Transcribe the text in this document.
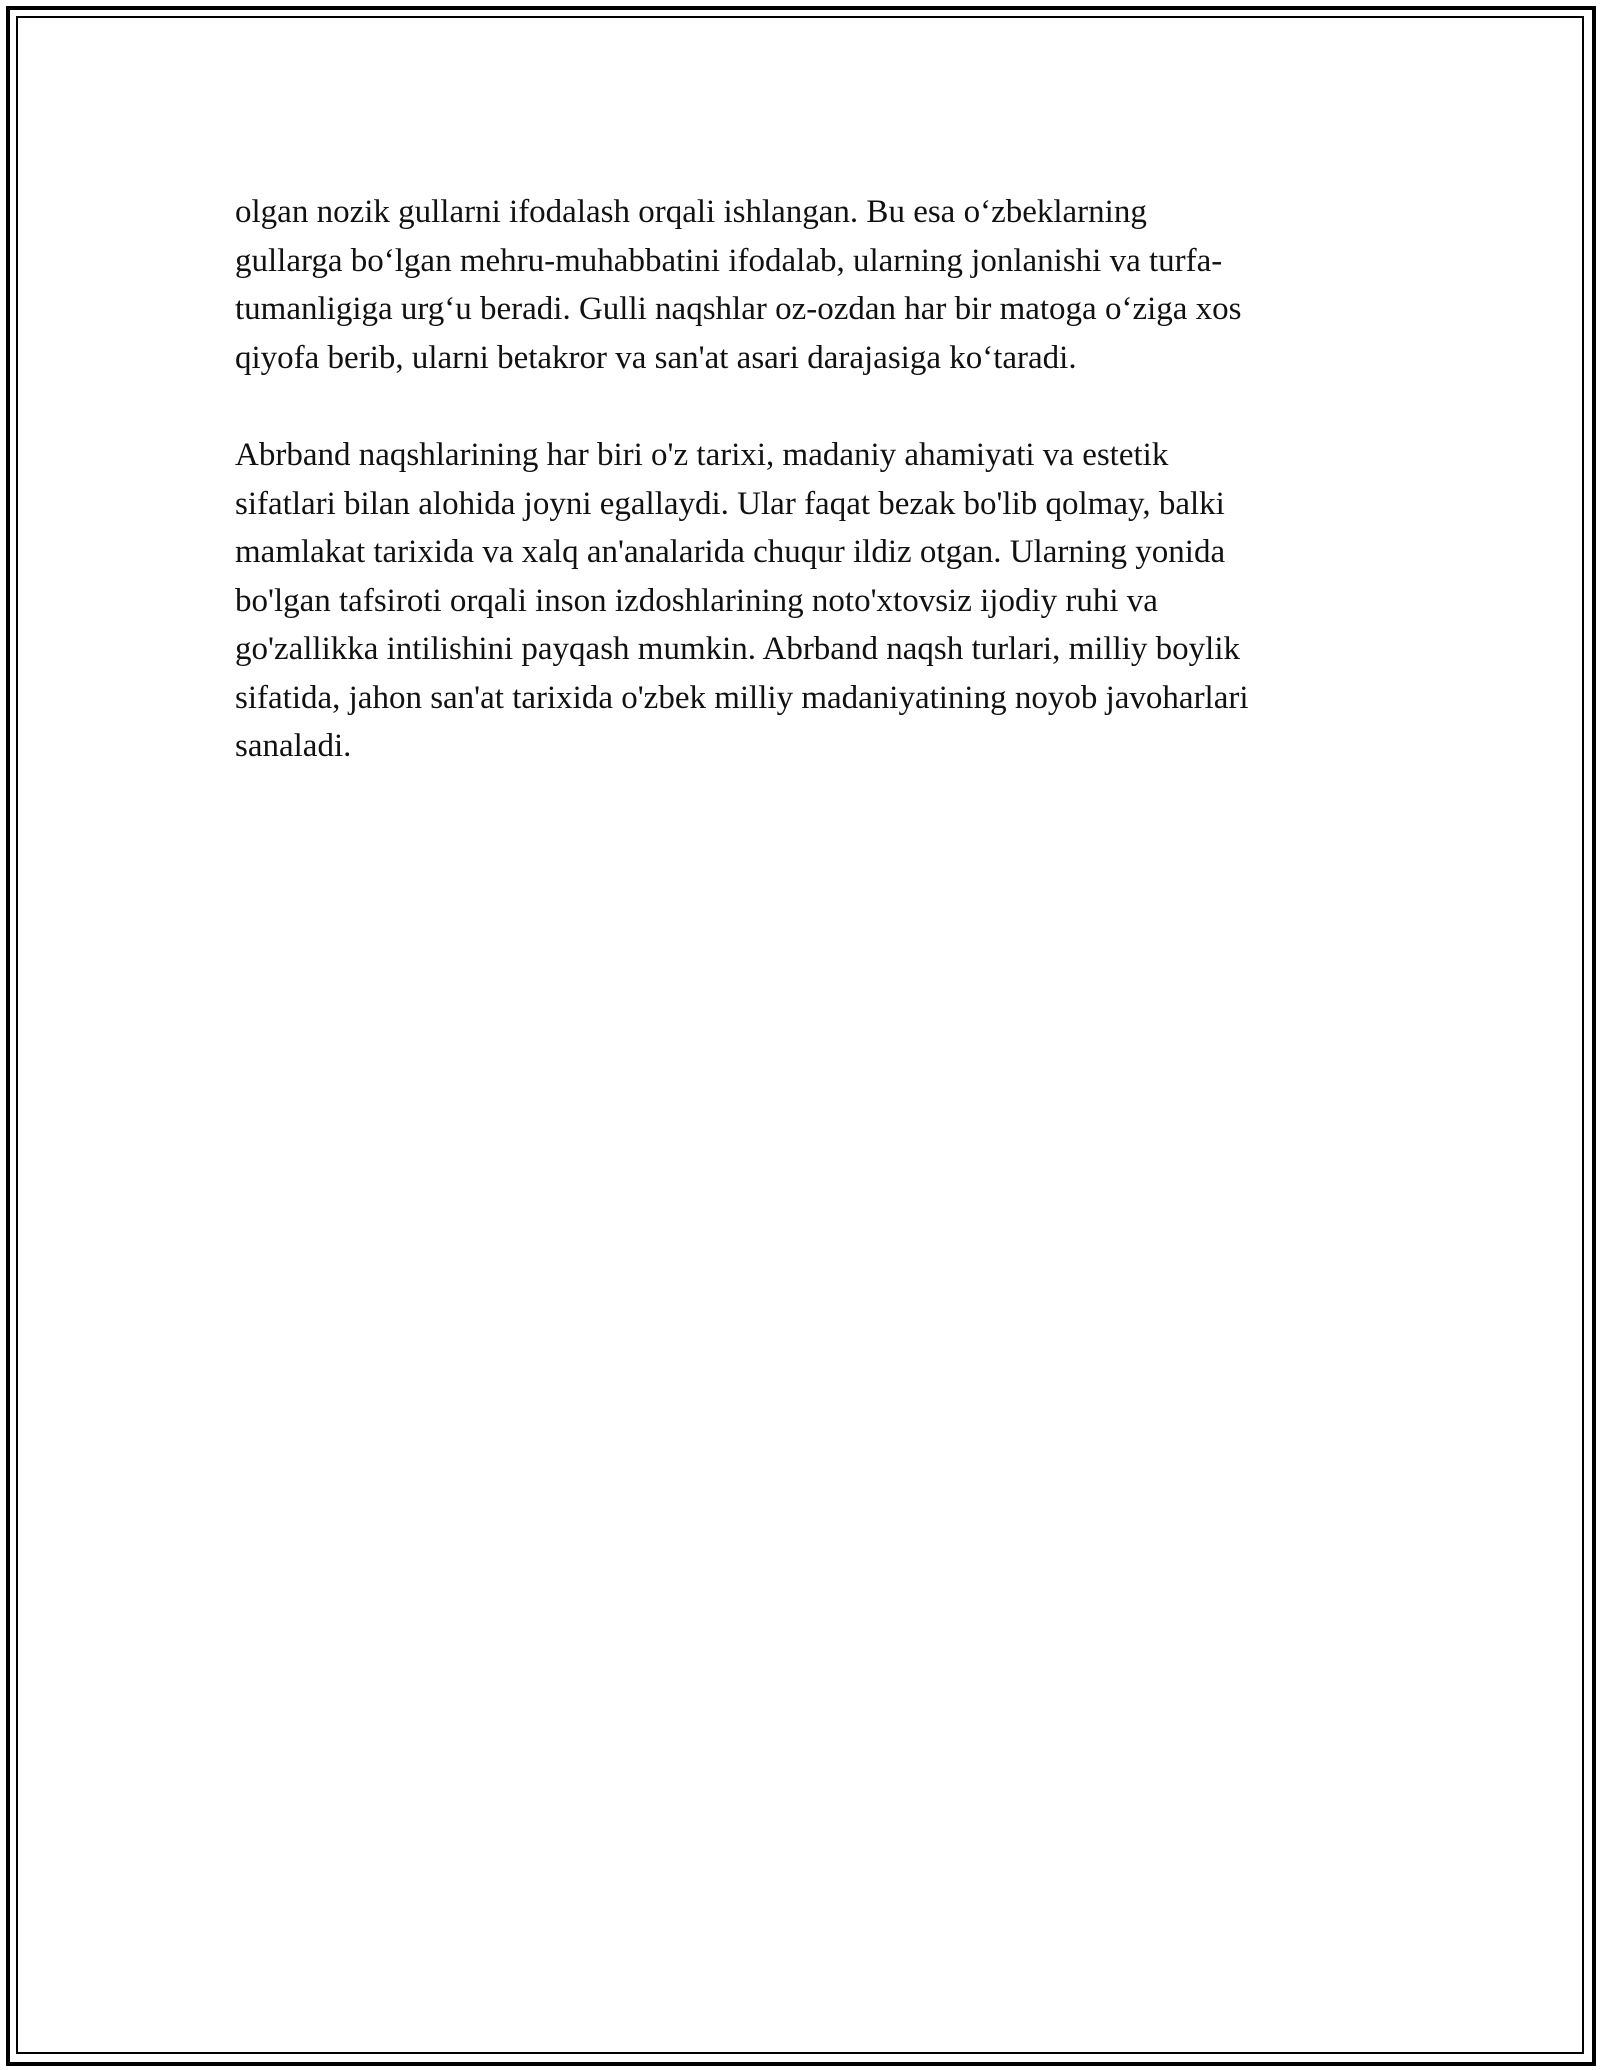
olgan nozik gullarni ifodalash orqali ishlangan. Bu esa o‘zbeklarning
gullarga bo‘lgan mehru-muhabbatini ifodalab, ularning jonlanishi va turfa-
tumanligiga urg‘u beradi. Gulli naqshlar oz-ozdan har bir matoga o‘ziga xos
qiyofa berib, ularni betakror va san'at asari darajasiga ko‘taradi.

Abrband naqshlarining har biri o'z tarixi, madaniy ahamiyati va estetik
sifatlari bilan alohida joyni egallaydi. Ular faqat bezak bo'lib qolmay, balki
mamlakat tarixida va xalq an'analarida chuqur ildiz otgan. Ularning yonida
bo'lgan tafsiroti orqali inson izdoshlarining noto'xtovsiz ijodiy ruhi va
go'zallikka intilishini payqash mumkin. Abrband naqsh turlari, milliy boylik
sifatida, jahon san'at tarixida o'zbek milliy madaniyatining noyob javoharlari
sanaladi.
